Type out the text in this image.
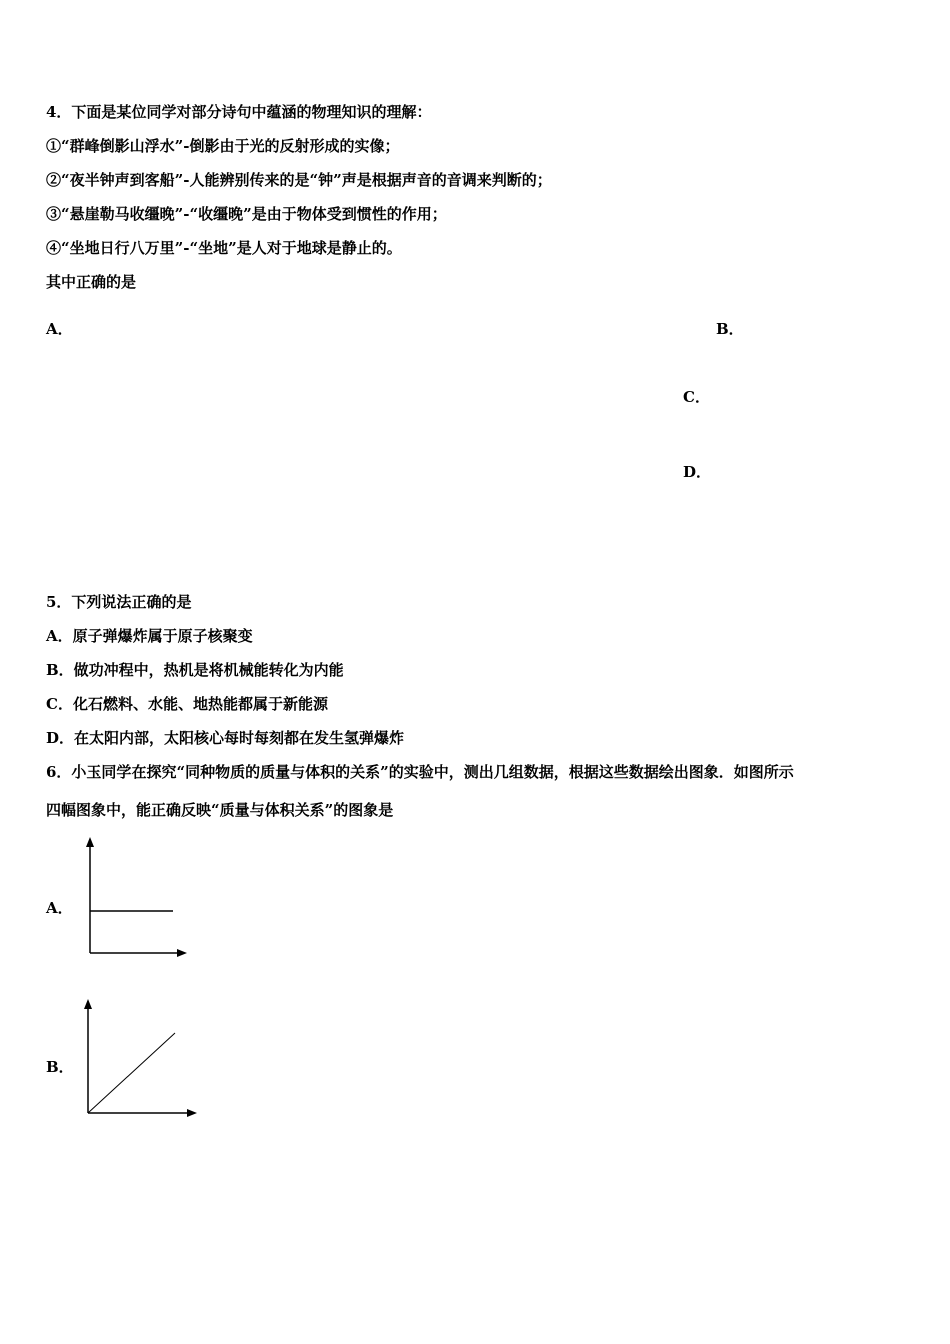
4．下面是某位同学对部分诗句中蕴涵的物理知识的理解：
①“群峰倒影山浮水”-倒影由于光的反射形成的实像；
②“夜半钟声到客船”-人能辨别传来的是“钟”声是根据声音的音调来判断的；
③“悬崖勒马收缰晚”-“收缰晚”是由于物体受到惯性的作用；
④“坐地日行八万里”-“坐地”是人对于地球是静止的。
其中正确的是
A．	B．
C．
D．
5．下列说法正确的是
A．原子弹爆炸属于原子核聚变
B．做功冲程中，热机是将机械能转化为内能
C．化石燃料、水能、地热能都属于新能源
D．在太阳内部，太阳核心每时每刻都在发生氢弹爆炸
6．小玉同学在探究“同种物质的质量与体积的关系”的实验中，测出几组数据，根据这些数据绘出图象．如图所示
四幅图象中，能正确反映“质量与体积关系”的图象是
A．
B．
